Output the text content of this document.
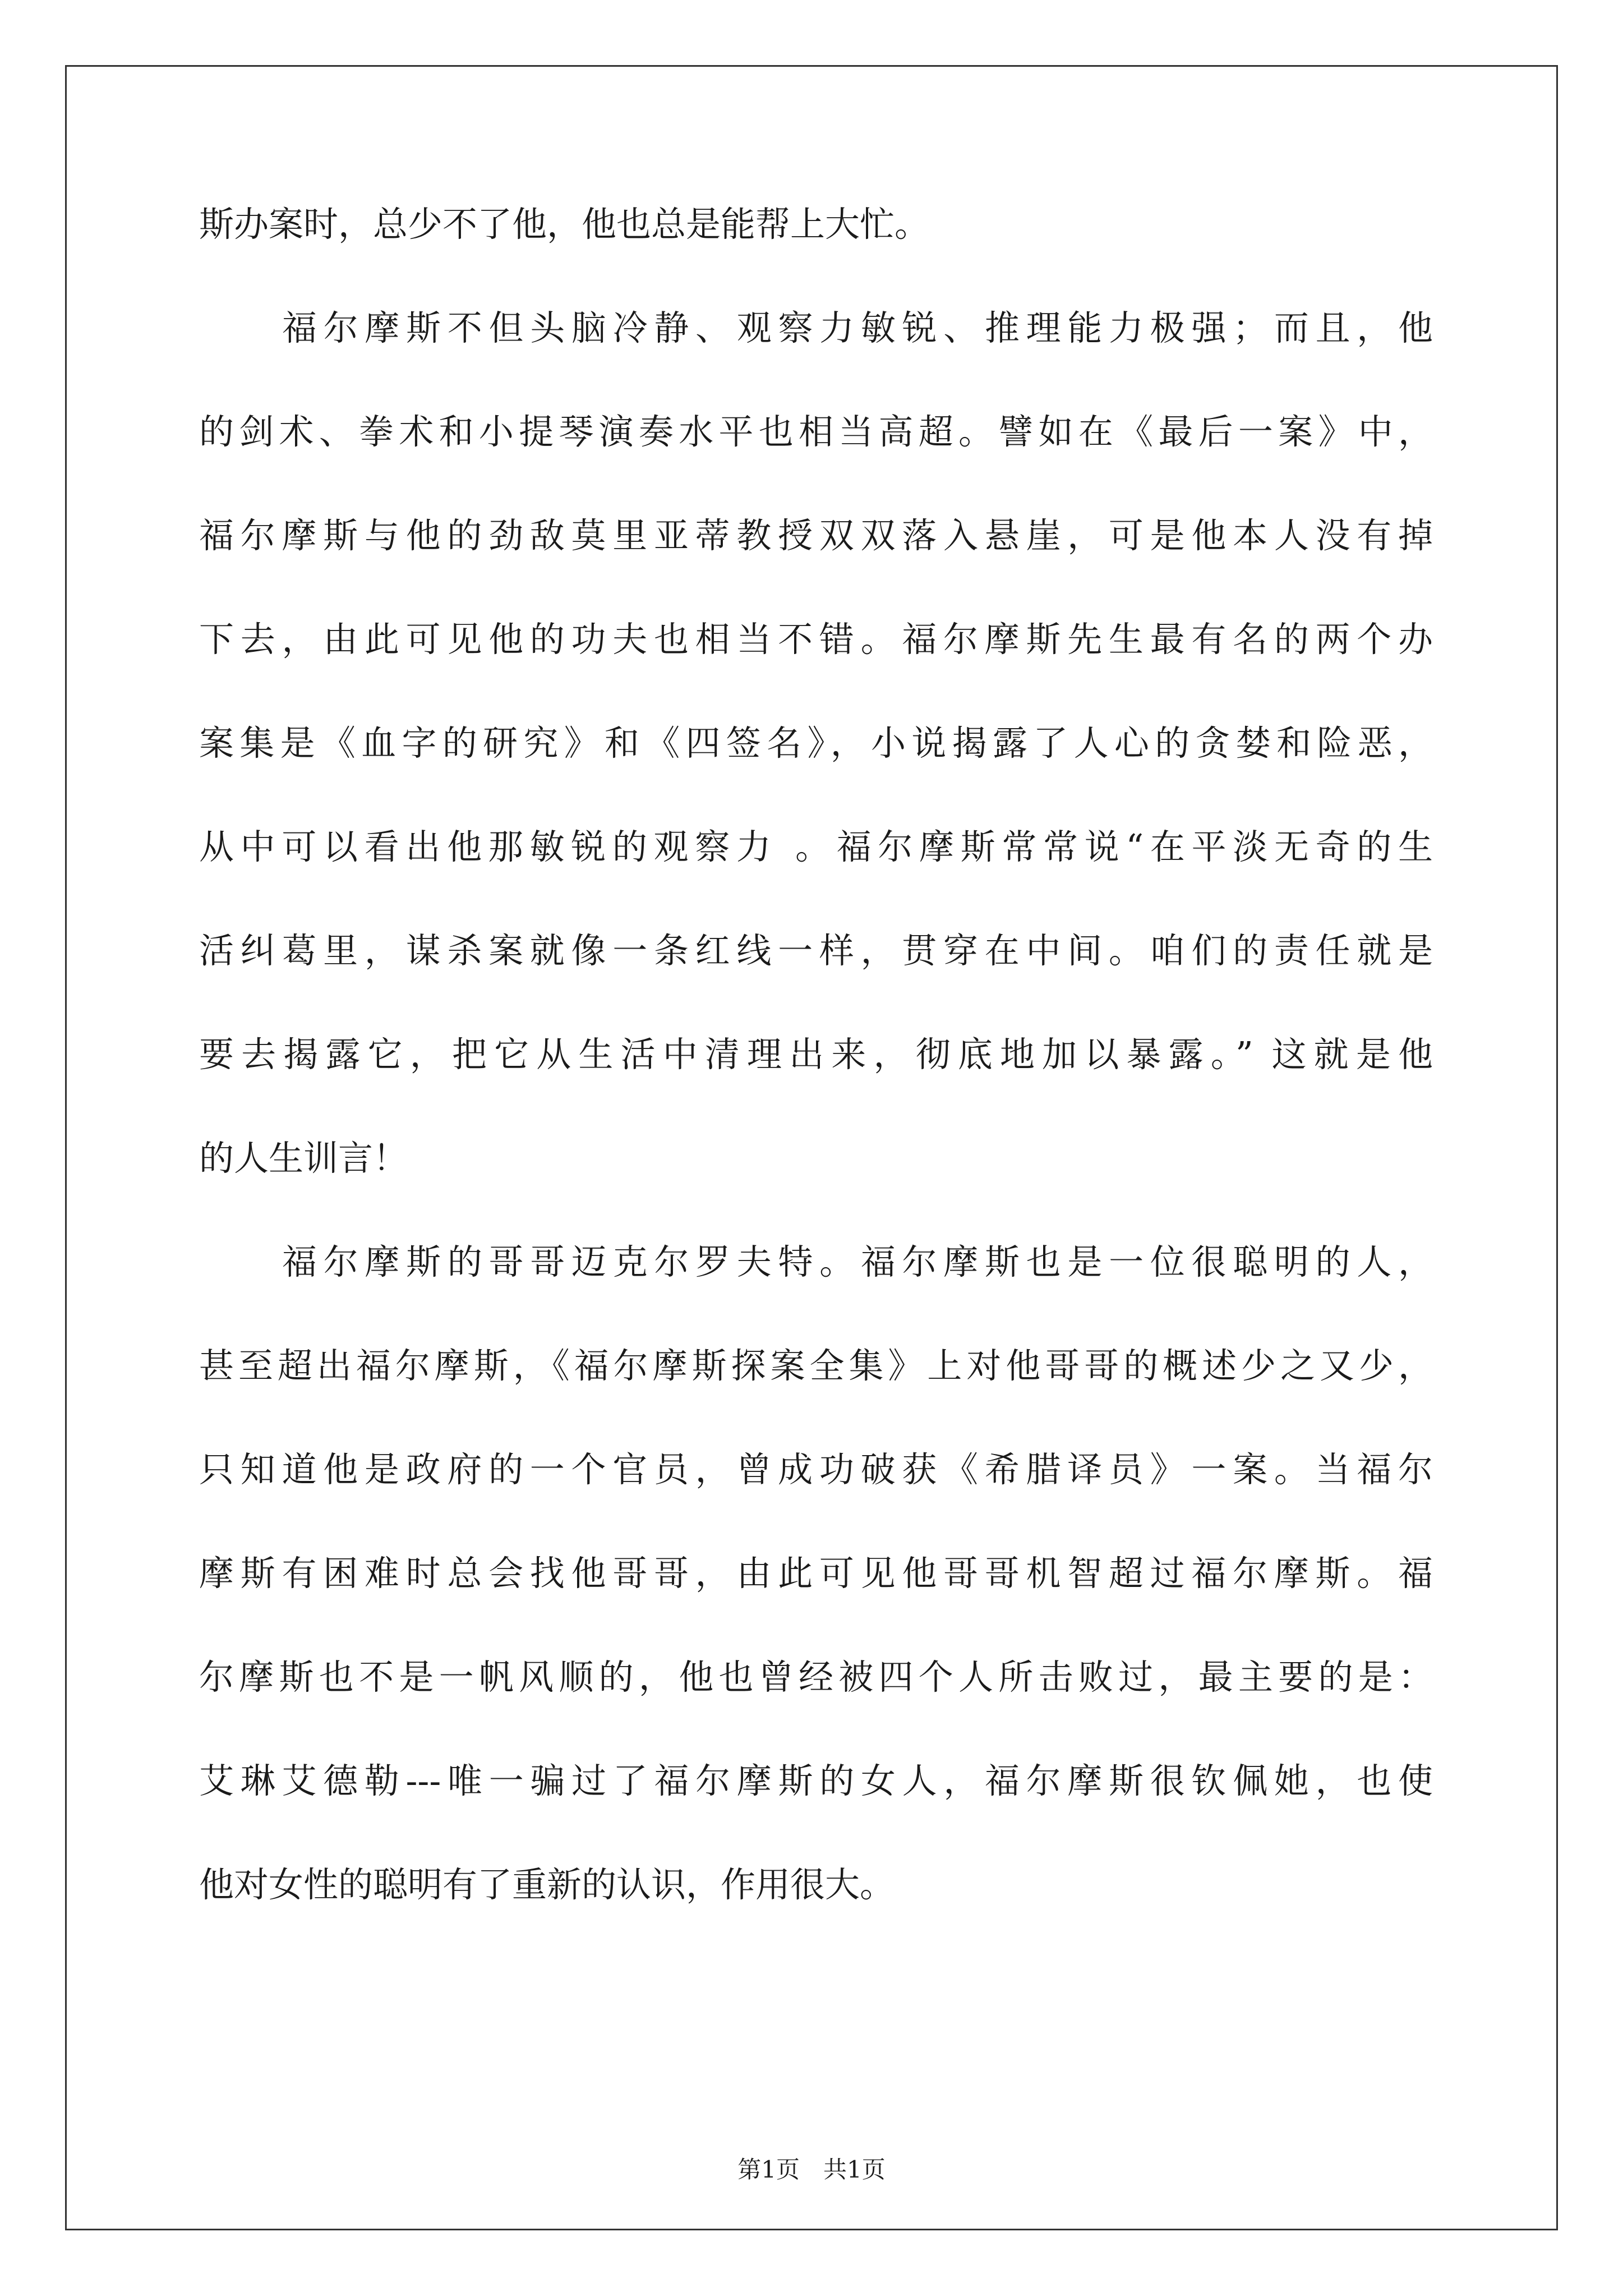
斯办案时，总少不了他，他也总是能帮上大忙。
福尔摩斯不但头脑冷静、观察力敏锐、推理能力极强；而且，他
的剑术、拳术和小提琴演奏水平也相当高超。譬如在《最后一案》中，
福尔摩斯与他的劲敌莫里亚蒂教授双双落入悬崖，可是他本人没有掉
下去，由此可见他的功夫也相当不错。福尔摩斯先生最有名的两个办
案集是《血字的研究》和《四签名》，小说揭露了人心的贪婪和险恶，
从中可以看出他那敏锐的观察力 。福尔摩斯常常说“在平淡无奇的生
活纠葛里，谋杀案就像一条红线一样，贯穿在中间。咱们的责任就是
要去揭露它，把它从生活中清理出来，彻底地加以暴露。” 这就是他
的人生训言！
福尔摩斯的哥哥迈克尔罗夫特。福尔摩斯也是一位很聪明的人，
甚至超出福尔摩斯，《福尔摩斯探案全集》上对他哥哥的概述少之又少，
只知道他是政府的一个官员，曾成功破获《希腊译员》一案。当福尔
摩斯有困难时总会找他哥哥，由此可见他哥哥机智超过福尔摩斯。福
尔摩斯也不是一帆风顺的，他也曾经被四个人所击败过，最主要的是：
艾琳艾德勒---唯一骗过了福尔摩斯的女人，福尔摩斯很钦佩她，也使
他对女性的聪明有了重新的认识，作用很大。
第1页　共1页
